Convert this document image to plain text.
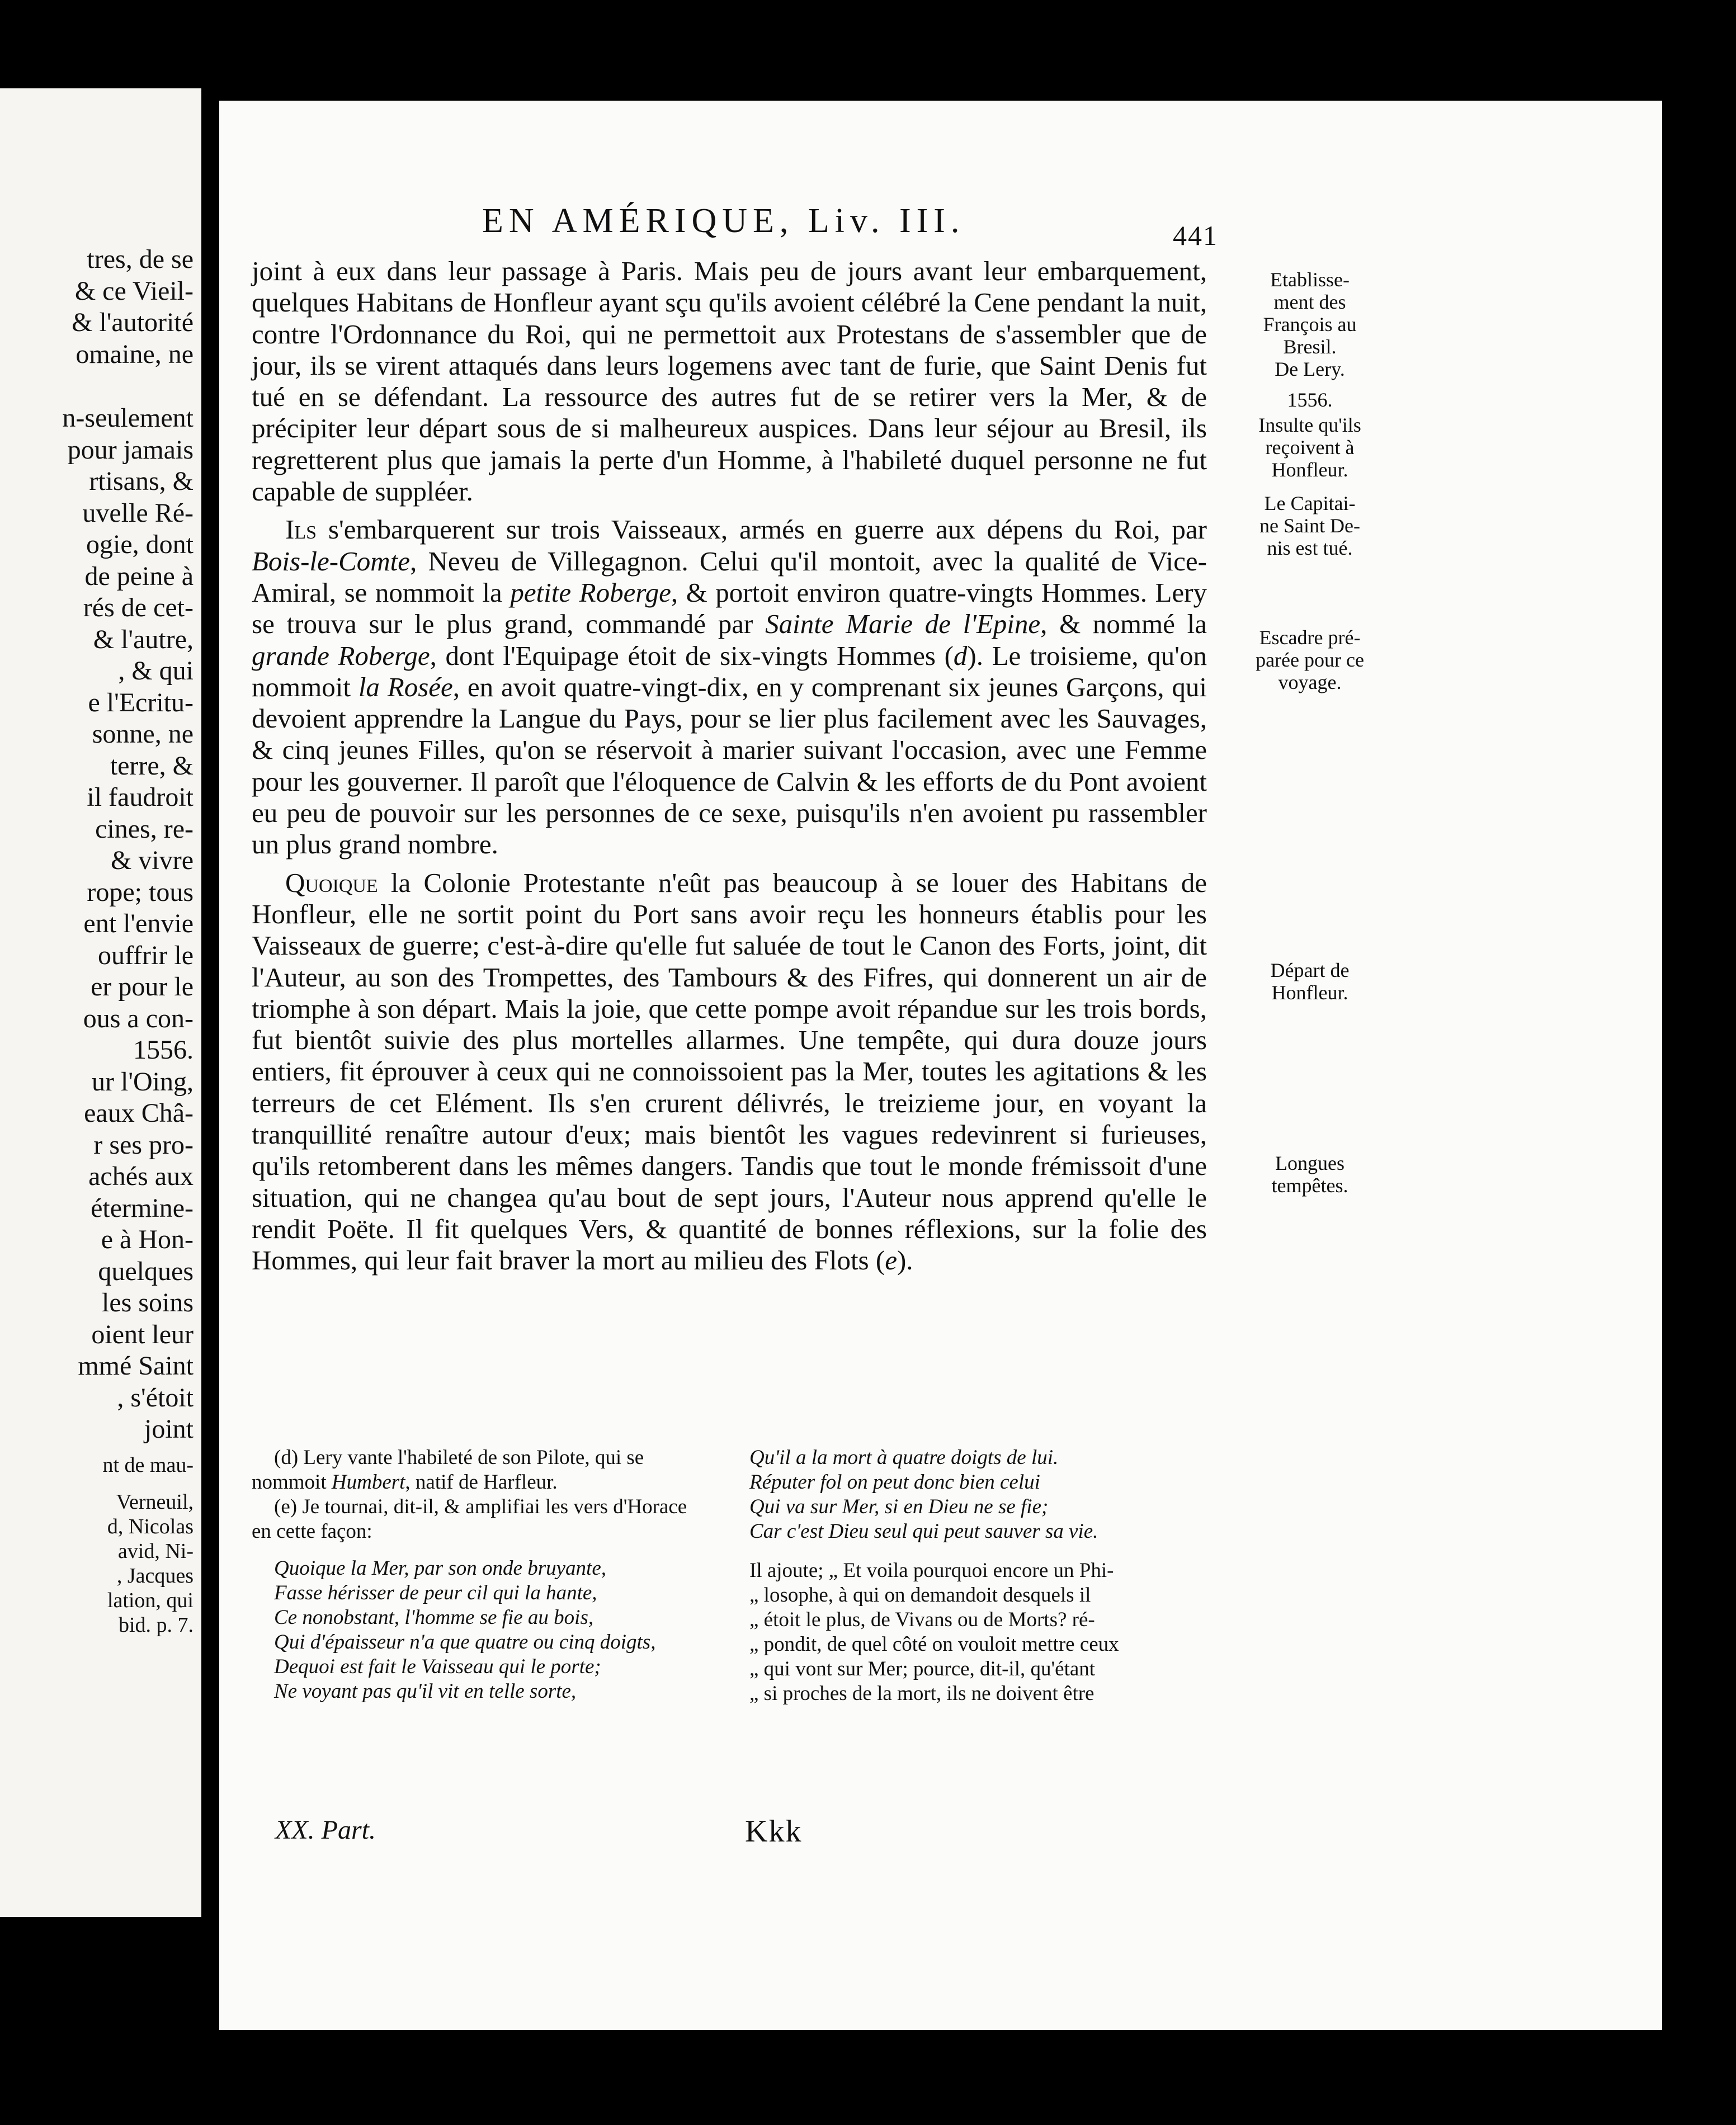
tres, de se
& ce Vieil-
& l'autorité
omaine, ne
n-seulement
pour jamais
rtisans, &
uvelle Ré-
ogie, dont
de peine à
rés de cet-
& l'autre,
, & qui
e l'Ecritu-
sonne, ne
terre, &
il faudroit
cines, re-
& vivre
rope; tous
ent l'envie
ouffrir le
er pour le
ous a con-
1556.
ur l'Oing,
eaux Châ-
r ses pro-
achés aux
étermine-
e à Hon-
quelques
les soins
oient leur
mmé Saint
, s'étoit
joint
nt de mau-
Verneuil,
d, Nicolas
avid, Ni-
, Jacques
lation, qui
bid. p. 7.
EN AMÉRIQUE, Liv. III.	441

joint à eux dans leur passage à Paris. Mais peu de jours avant leur embarquement, quelques Habitans de Honfleur ayant sçu qu'ils avoient célébré la Cene pendant la nuit, contre l'Ordonnance du Roi, qui ne permettoit aux Protestans de s'assembler que de jour, ils se virent attaqués dans leurs logemens avec tant de furie, que Saint Denis fut tué en se défendant. La ressource des autres fut de se retirer vers la Mer, & de précipiter leur départ sous de si malheureux auspices. Dans leur séjour au Bresil, ils regretterent plus que jamais la perte d'un Homme, à l'habileté duquel personne ne fut capable de suppléer.

Ils s'embarquerent sur trois Vaisseaux, armés en guerre aux dépens du Roi, par Bois-le-Comte, Neveu de Villegagnon. Celui qu'il montoit, avec la qualité de Vice-Amiral, se nommoit la petite Roberge, & portoit environ quatre-vingts Hommes. Lery se trouva sur le plus grand, commandé par Sainte Marie de l'Epine, & nommé la grande Roberge, dont l'Equipage étoit de six-vingts Hommes (d). Le troisieme, qu'on nommoit la Rosée, en avoit quatre-vingt-dix, en y comprenant six jeunes Garçons, qui devoient apprendre la Langue du Pays, pour se lier plus facilement avec les Sauvages, & cinq jeunes Filles, qu'on se réservoit à marier suivant l'occasion, avec une Femme pour les gouverner. Il paroît que l'éloquence de Calvin & les efforts de du Pont avoient eu peu de pouvoir sur les personnes de ce sexe, puisqu'ils n'en avoient pu rassembler un plus grand nombre.

Quoique la Colonie Protestante n'eût pas beaucoup à se louer des Habitans de Honfleur, elle ne sortit point du Port sans avoir reçu les honneurs établis pour les Vaisseaux de guerre; c'est-à-dire qu'elle fut saluée de tout le Canon des Forts, joint, dit l'Auteur, au son des Trompettes, des Tambours & des Fifres, qui donnerent un air de triomphe à son départ. Mais la joie, que cette pompe avoit répandue sur les trois bords, fut bientôt suivie des plus mortelles allarmes. Une tempête, qui dura douze jours entiers, fit éprouver à ceux qui ne connoissoient pas la Mer, toutes les agitations & les terreurs de cet Elément. Ils s'en crurent délivrés, le treizieme jour, en voyant la tranquillité renaître autour d'eux; mais bientôt les vagues redevinrent si furieuses, qu'ils retomberent dans les mêmes dangers. Tandis que tout le monde frémissoit d'une situation, qui ne changea qu'au bout de sept jours, l'Auteur nous apprend qu'elle le rendit Poëte. Il fit quelques Vers, & quantité de bonnes réflexions, sur la folie des Hommes, qui leur fait braver la mort au milieu des Flots (e).

Etablisse-
ment des
François au
Bresil.
De Lery.
1556.
Insulte qu'ils
reçoivent à
Honfleur.
Le Capitai-
ne Saint De-
nis est tué.
Escadre pré-
parée pour ce
voyage.
Départ de
Honfleur.
Longues
tempêtes.

(d) Lery vante l'habileté de son Pilote, qui se nommoit Humbert, natif de Harfleur.

(e) Je tournai, dit-il, & amplifiai les vers d'Horace en cette façon:

Quoique la Mer, par son onde bruyante,
Fasse hérisser de peur cil qui la hante,
Ce nonobstant, l'homme se fie au bois,
Qui d'épaisseur n'a que quatre ou cinq doigts,
Dequoi est fait le Vaisseau qui le porte;
Ne voyant pas qu'il vit en telle sorte,
Qu'il a la mort à quatre doigts de lui.
Réputer fol on peut donc bien celui
Qui va sur Mer, si en Dieu ne se fie;
Car c'est Dieu seul qui peut sauver sa vie.
Il ajoute; „ Et voila pourquoi encore un Phi-
„ losophe, à qui on demandoit desquels il
„ étoit le plus, de Vivans ou de Morts? ré-
„ pondit, de quel côté on vouloit mettre ceux
„ qui vont sur Mer; pource, dit-il, qu'étant
„ si proches de la mort, ils ne doivent être
XX. Part.	Kkk
